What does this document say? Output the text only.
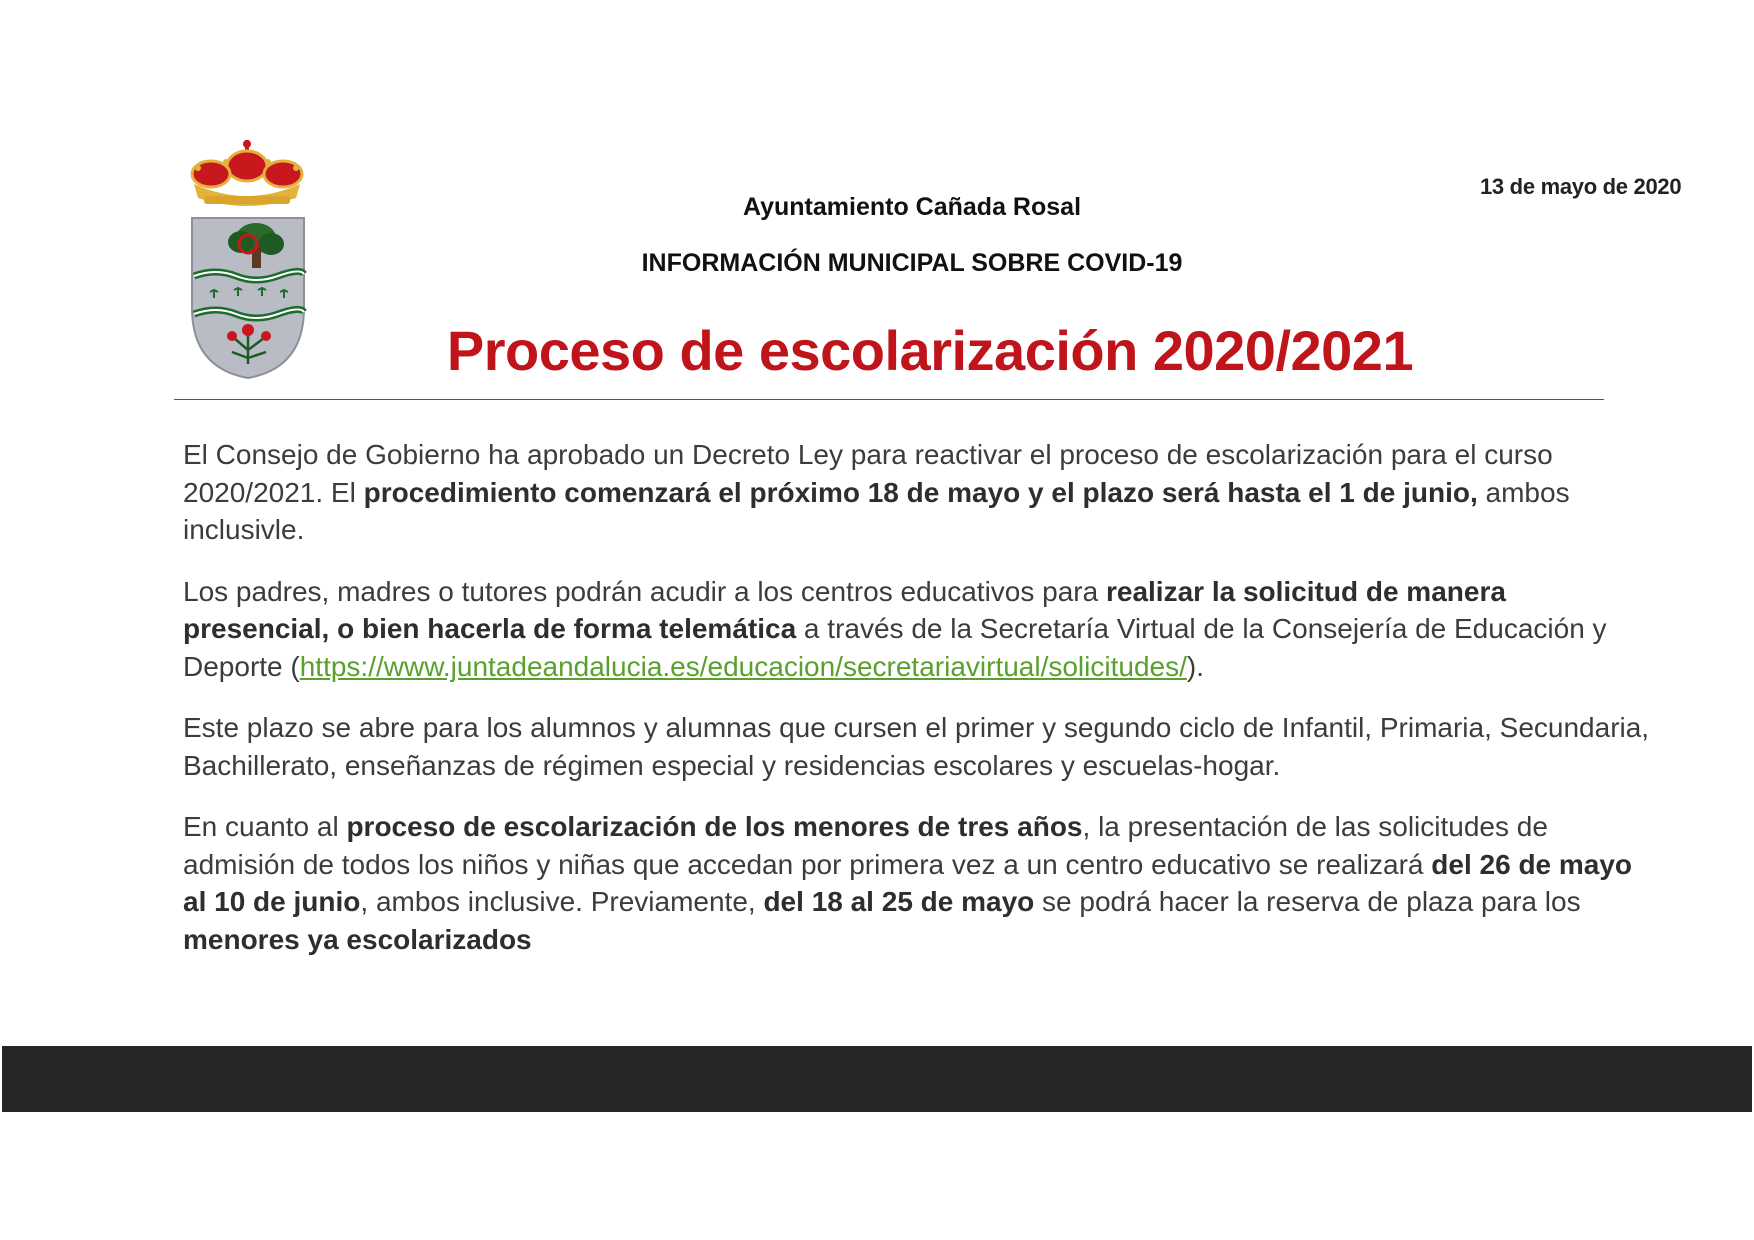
13 de mayo de 2020
Ayuntamiento Cañada Rosal
INFORMACIÓN MUNICIPAL SOBRE COVID-19
Proceso de escolarización 2020/2021

El Consejo de Gobierno ha aprobado un Decreto Ley para reactivar el proceso de escolarización para el curso 2020/2021. El procedimiento comenzará el próximo 18 de mayo y el plazo será hasta el 1 de junio, ambos inclusivle.

Los padres, madres o tutores podrán acudir a los centros educativos para realizar la solicitud de manera presencial, o bien hacerla de forma telemática a través de la Secretaría Virtual de la Consejería de Educación y Deporte (https://www.juntadeandalucia.es/educacion/secretariavirtual/solicitudes/).

Este plazo se abre para los alumnos y alumnas que cursen el primer y segundo ciclo de Infantil, Primaria, Secundaria, Bachillerato, enseñanzas de régimen especial y residencias escolares y escuelas-hogar.

En cuanto al proceso de escolarización de los menores de tres años, la presentación de las solicitudes de admisión de todos los niños y niñas que accedan por primera vez a un centro educativo se realizará del 26 de mayo al 10 de junio, ambos inclusive. Previamente, del 18 al 25 de mayo se podrá hacer la reserva de plaza para los menores ya escolarizados
